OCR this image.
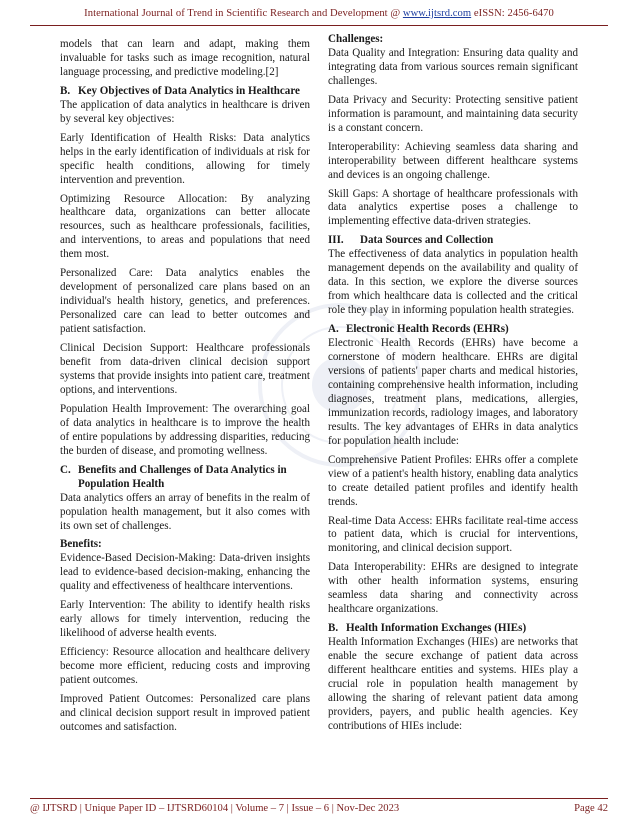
International Journal of Trend in Scientific Research and Development @ www.ijtsrd.com eISSN: 2456-6470

models that can learn and adapt, making them invaluable for tasks such as image recognition, natural language processing, and predictive modeling.[2]

B. Key Objectives of Data Analytics in Healthcare

The application of data analytics in healthcare is driven by several key objectives:

Early Identification of Health Risks: Data analytics helps in the early identification of individuals at risk for specific health conditions, allowing for timely intervention and prevention.

Optimizing Resource Allocation: By analyzing healthcare data, organizations can better allocate resources, such as healthcare professionals, facilities, and interventions, to areas and populations that need them most.

Personalized Care: Data analytics enables the development of personalized care plans based on an individual's health history, genetics, and preferences. Personalized care can lead to better outcomes and patient satisfaction.

Clinical Decision Support: Healthcare professionals benefit from data-driven clinical decision support systems that provide insights into patient care, treatment options, and interventions.

Population Health Improvement: The overarching goal of data analytics in healthcare is to improve the health of entire populations by addressing disparities, reducing the burden of disease, and promoting wellness.

C. Benefits and Challenges of Data Analytics in Population Health

Data analytics offers an array of benefits in the realm of population health management, but it also comes with its own set of challenges.

Benefits:

Evidence-Based Decision-Making: Data-driven insights lead to evidence-based decision-making, enhancing the quality and effectiveness of healthcare interventions.

Early Intervention: The ability to identify health risks early allows for timely intervention, reducing the likelihood of adverse health events.

Efficiency: Resource allocation and healthcare delivery become more efficient, reducing costs and improving patient outcomes.

Improved Patient Outcomes: Personalized care plans and clinical decision support result in improved patient outcomes and satisfaction.

Challenges:

Data Quality and Integration: Ensuring data quality and integrating data from various sources remain significant challenges.

Data Privacy and Security: Protecting sensitive patient information is paramount, and maintaining data security is a constant concern.

Interoperability: Achieving seamless data sharing and interoperability between different healthcare systems and devices is an ongoing challenge.

Skill Gaps: A shortage of healthcare professionals with data analytics expertise poses a challenge to implementing effective data-driven strategies.

III.	Data Sources and Collection

The effectiveness of data analytics in population health management depends on the availability and quality of data. In this section, we explore the diverse sources from which healthcare data is collected and the critical role they play in informing population health strategies.

A. Electronic Health Records (EHRs)

Electronic Health Records (EHRs) have become a cornerstone of modern healthcare. EHRs are digital versions of patients' paper charts and medical histories, containing comprehensive health information, including diagnoses, treatment plans, medications, allergies, immunization records, radiology images, and laboratory results. The key advantages of EHRs in data analytics for population health include:

Comprehensive Patient Profiles: EHRs offer a complete view of a patient's health history, enabling data analytics to create detailed patient profiles and identify health trends.

Real-time Data Access: EHRs facilitate real-time access to patient data, which is crucial for interventions, monitoring, and clinical decision support.

Data Interoperability: EHRs are designed to integrate with other health information systems, ensuring seamless data sharing and connectivity across healthcare organizations.

B. Health Information Exchanges (HIEs)

Health Information Exchanges (HIEs) are networks that enable the secure exchange of patient data across different healthcare entities and systems. HIEs play a crucial role in population health management by allowing the sharing of relevant patient data among providers, payers, and public health agencies. Key contributions of HIEs include:

@ IJTSRD | Unique Paper ID – IJTSRD60104 | Volume – 7 | Issue – 6 | Nov-Dec 2023	Page 42
